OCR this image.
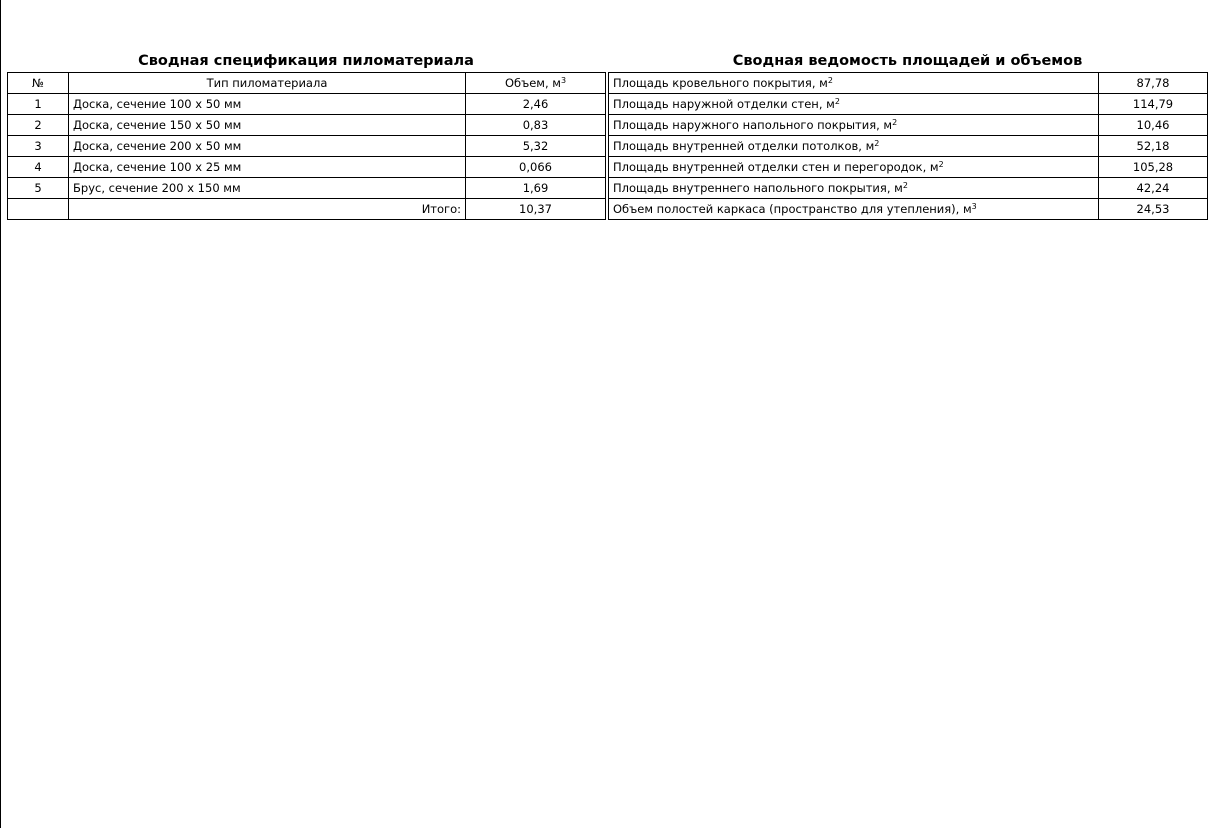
Сводная спецификация пиломатериала
№	Тип пиломатериала	Объем, $м^3$
1	Доска, сечение 100 х 50 мм	2,46
2	Доска, сечение 150 х 50 мм	0,83
3	Доска, сечение 200 х 50 мм	5,32
4	Доска, сечение 100 х 25 мм	0,066
5	Брус, сечение 200 х 150 мм	1,69
	Итого:	10,37
Сводная ведомость площадей и объемов
Площадь кровельного покрытия, $м^2$	87,78
Площадь наружной отделки стен, $м^2$	114,79
Площадь наружного напольного покрытия, $м^2$	10,46
Площадь внутренней отделки потолков, $м^2$	52,18
Площадь внутренней отделки стен и перегородок, $м^2$	105,28
Площадь внутреннего напольного покрытия, $м^2$	42,24
Объем полостей каркаса (пространство для утепления), $м^3$	24,53
